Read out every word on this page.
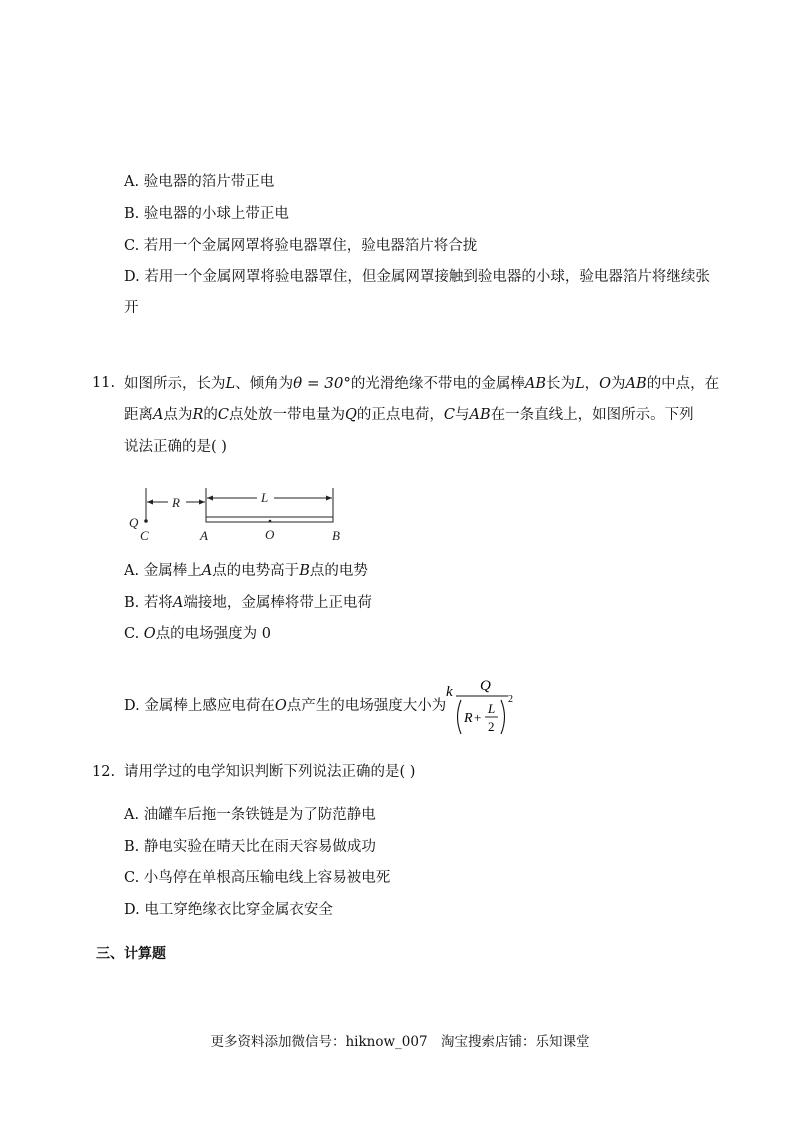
A. 验电器的箔片带正电
B. 验电器的小球上带正电
C. 若用一个金属网罩将验电器罩住，验电器箔片将合拢
D. 若用一个金属网罩将验电器罩住，但金属网罩接触到验电器的小球，验电器箔片将继续张
开
11. 如图所示，长为L、倾角为θ = 30°的光滑绝缘不带电的金属棒AB长为L，O为AB的中点，在
距离A点为R的C点处放一带电量为Q的正点电荷，C与AB在一条直线上，如图所示。下列
说法正确的是( )
R	L
Q
C	A	O	B
A. 金属棒上A点的电势高于B点的电势
B. 若将A端接地，金属棒将带上正电荷
C. O点的电场强度为 0
D. 金属棒上感应电荷在O点产生的电场强度大小为
k Q
R +
L
2
2
12. 请用学过的电学知识判断下列说法正确的是( )
A. 油罐车后拖一条铁链是为了防范静电
B. 静电实验在晴天比在雨天容易做成功
C. 小鸟停在单根高压输电线上容易被电死
D. 电工穿绝缘衣比穿金属衣安全
三、计算题
更多资料添加微信号：hiknow_007　淘宝搜索店铺：乐知课堂
